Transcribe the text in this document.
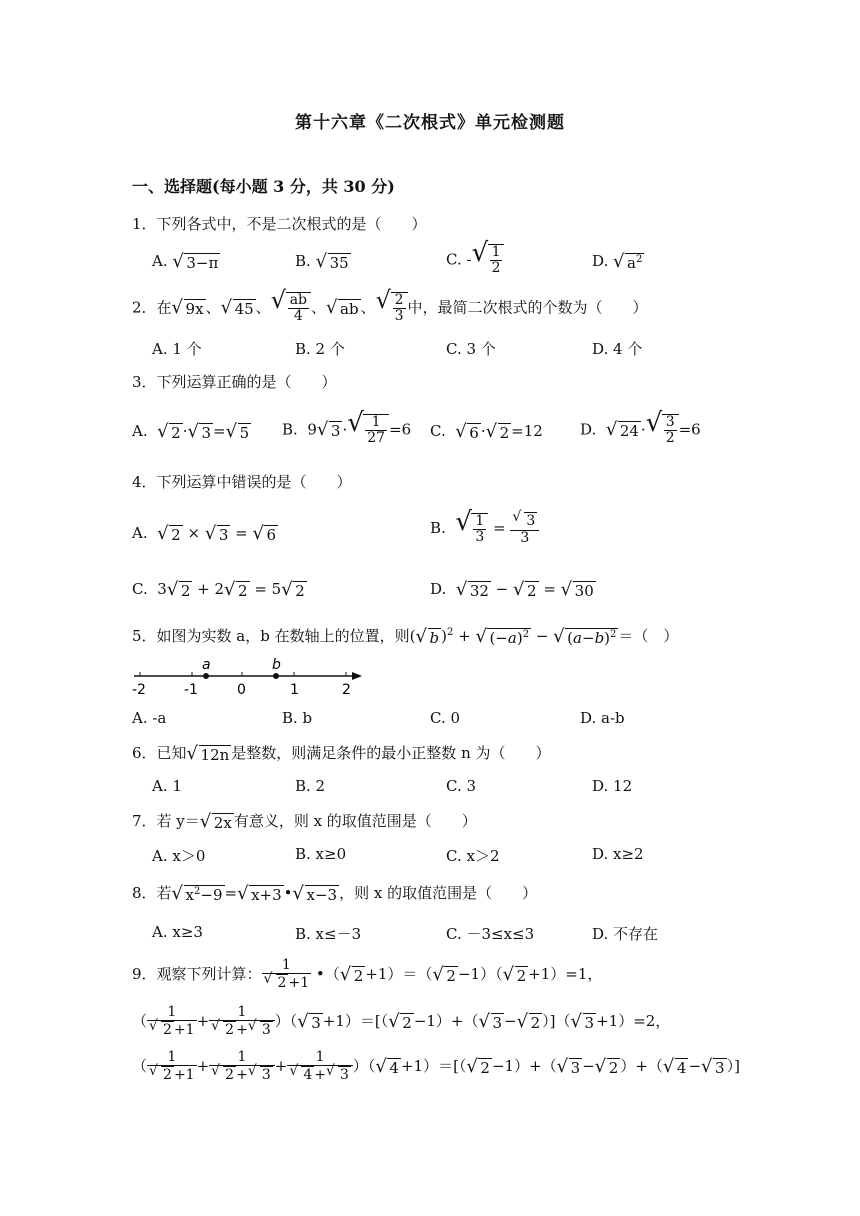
第十六章《二次根式》单元检测题
一、选择题(每小题 3 分，共 30 分)
1．下列各式中，不是二次根式的是（　　）
A. √ 3−π	B. √ 35	C. - √ $\frac{1}{2}$	D. √ $a^2$
2．在 √ 9x 、 √ 45 、 √ $\frac{ab}{4}$ 、 √ ab 、 √ $\frac{2}{3}$ 中，最简二次根式的个数为（　　）
A. 1 个	B. 2 个	C. 3 个	D. 4 个
3．下列运算正确的是（　　）
A. √ 2 · √ 3 = √ 5 B.  9 √ 3 · √ $\frac{1}{27} =6$ C. √ 6 · √ 2 =12 D. √ 24 · √ $\frac{3}{2} =6$
4．下列运算中错误的是（　　）
A. √ 2 × √ 3 = √ 6	B. √ $\frac{1}{3} = \frac{√ 3}{3}$
C.  3 √ 2 + 2 √ 2 = 5 √ 2	D. √ 32 − √ 2 = √ 30
5．如图为实数 a，b 在数轴上的位置，则( √ b )$^2$ + √ $(-a)^2$ − √ $(a-b)^2$ ＝（　）
a	b
-2	-1	0	1	2
A. -a	B. b	C. 0	D. a-b
6．已知 √ 12n 是整数，则满足条件的最小正整数 n 为（　　）
A. 1	B. 2	C. 3	D. 12
7．若 y＝ √ 2x 有意义，则 x 的取值范围是（　　）
A. x＞0	B. x≥0	C. x＞2	D. x≥2
8．若 √ $x^2-9$ = √ x+3 • √ x−3 ，则 x 的取值范围是（　　）
A. x≥3	B. x≤－3	C. －3≤x≤3	D. 不存在
9．观察下列计算： $\frac{1}{√ 2 +1}$ •（ √ 2 +1）＝（ √ 2 −1）（ √ 2 +1）=1，
（ $\frac{1}{√ 2 +1} + \frac{1}{√ 2 + √ 3}$ ）（ √ 3 +1）＝[（ √ 2 −1）+（ √ 3 − √ 2 ）]（ √ 3 +1）=2，
（ $\frac{1}{√ 2 +1} + \frac{1}{√ 2 + √ 3} + \frac{1}{√ 4 + √ 3}$ ）（ √ 4 +1）＝[（ √ 2 −1）+（ √ 3 − √ 2 ）+（ √ 4 − √ 3 ）]
